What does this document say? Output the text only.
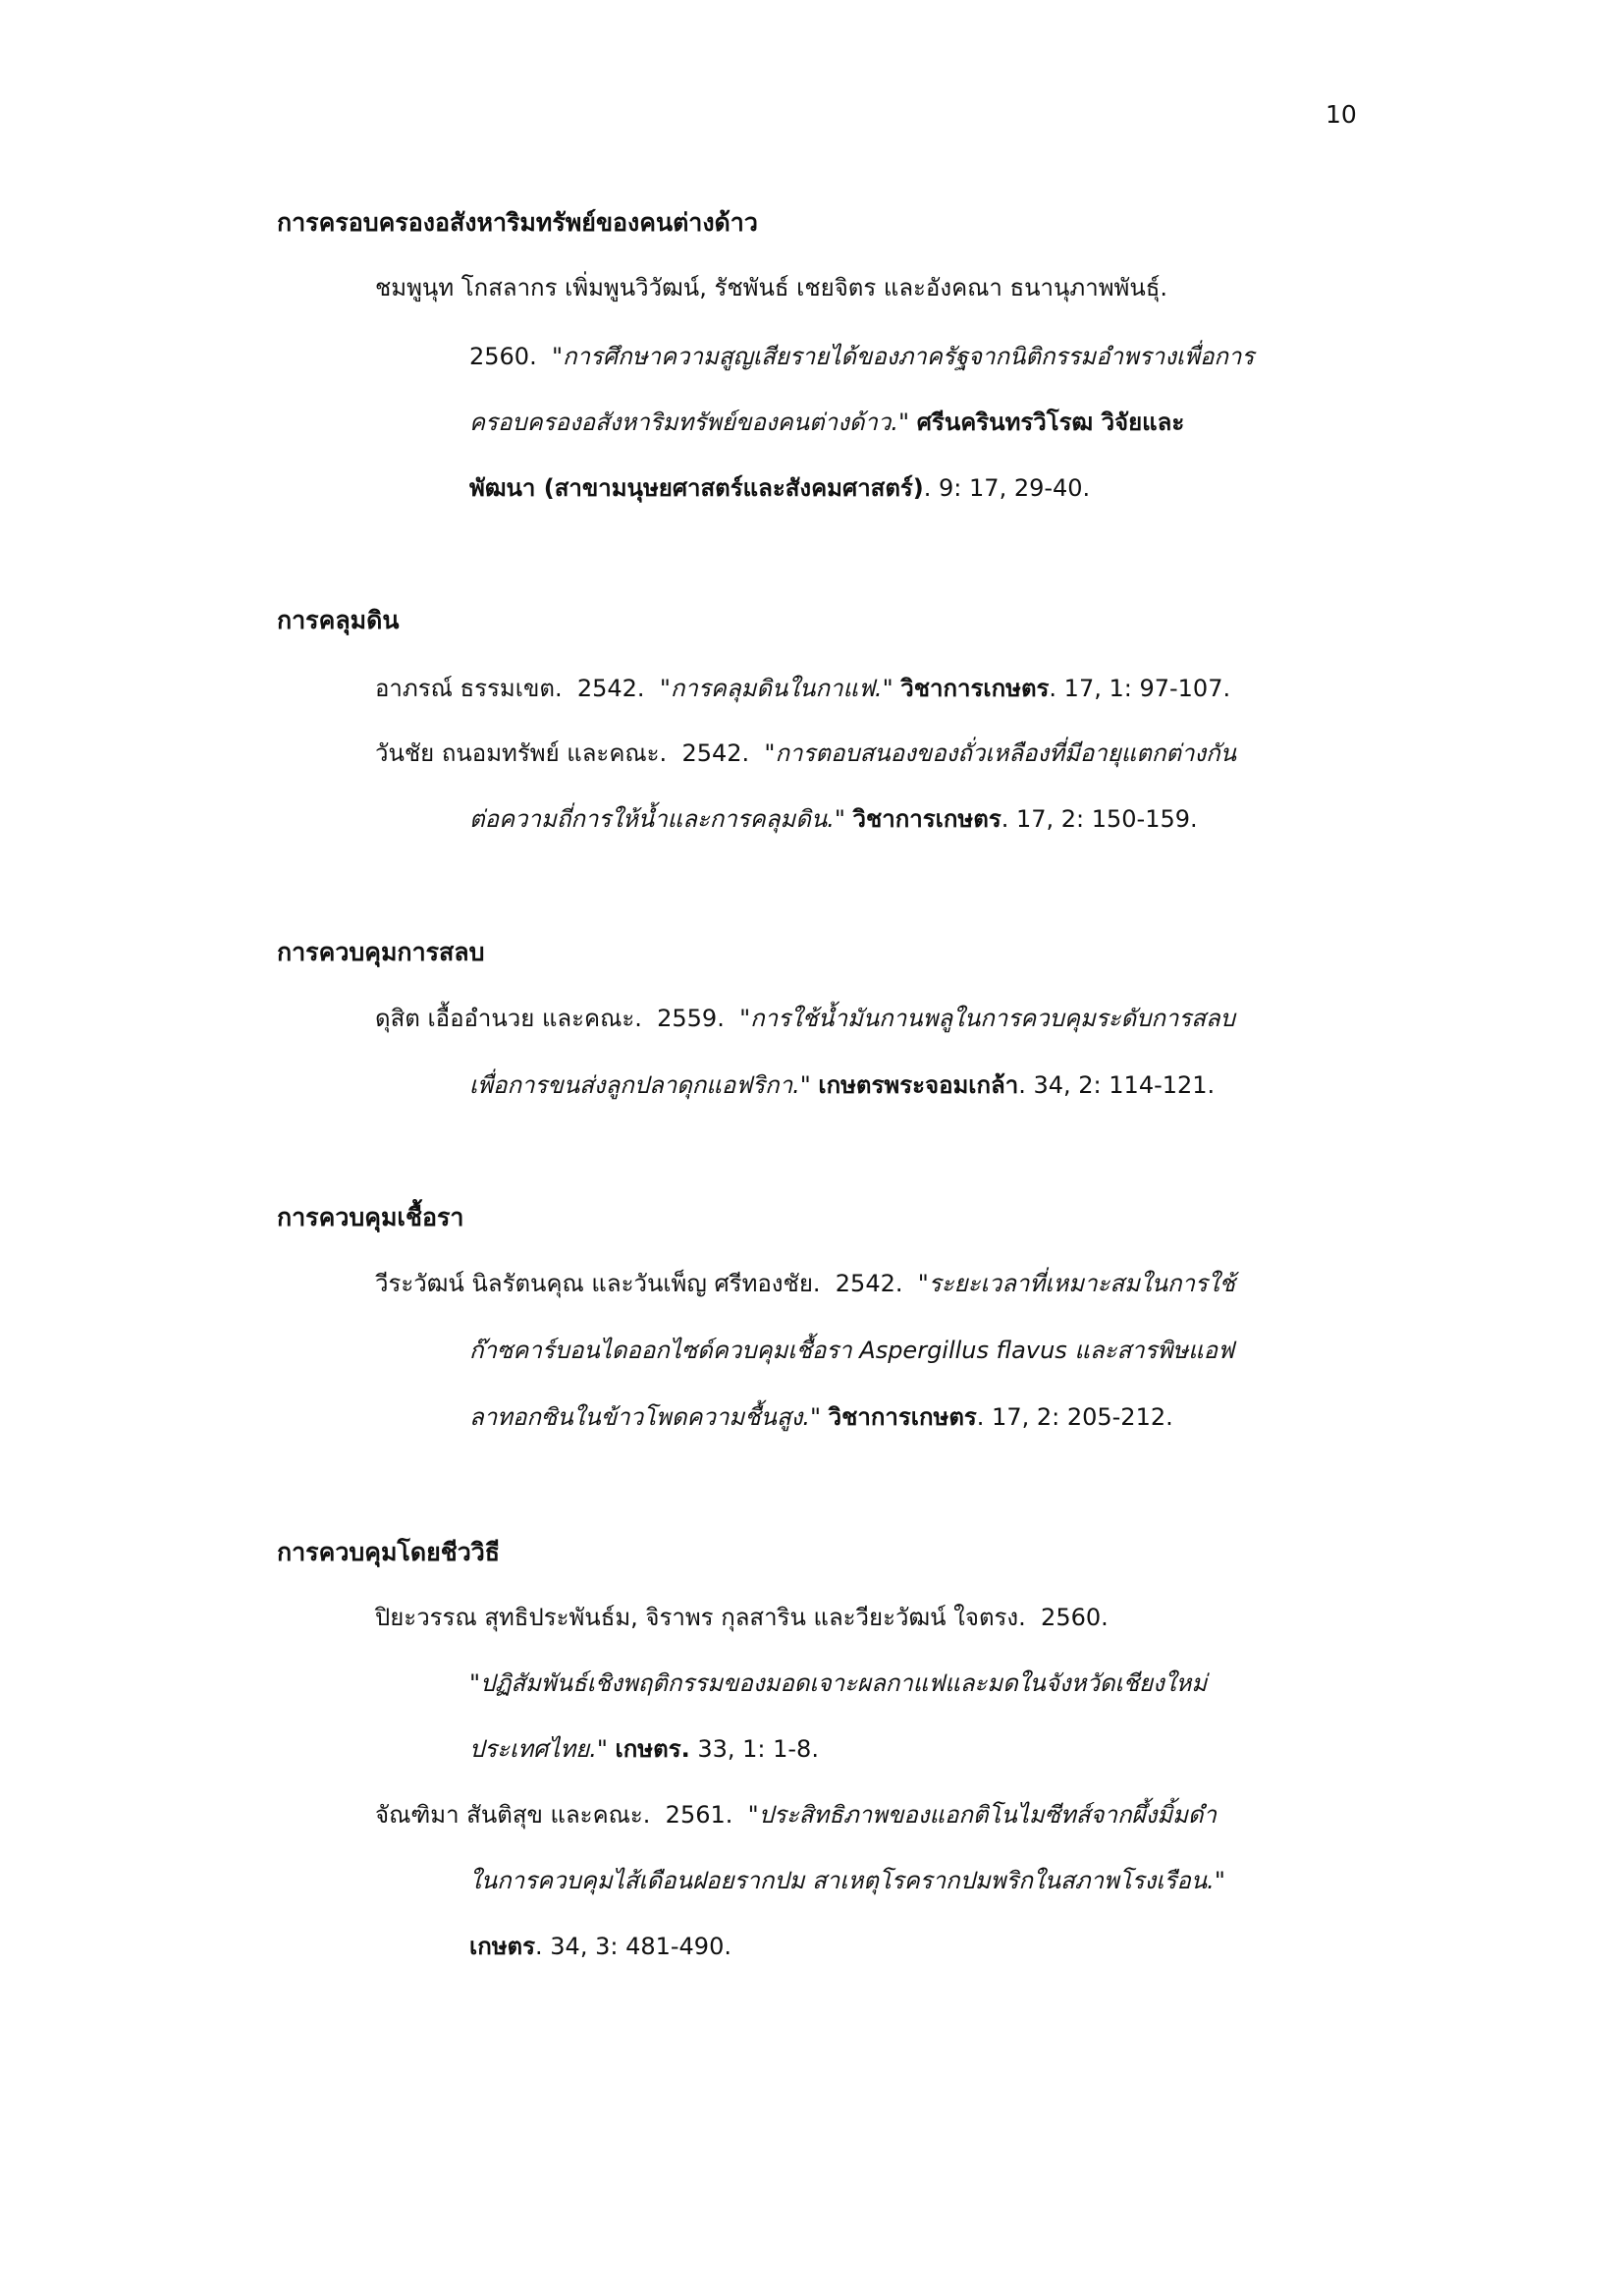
10
การครอบครองอสังหาริมทรัพย์ของคนต่างด้าว
ชมพูนุท โกสลากร เพิ่มพูนวิวัฒน์, รัชพันธ์ เชยจิตร และอังคณา ธนานุภาพพันธุ์.
2560. "การศึกษาความสูญเสียรายได้ของภาครัฐจากนิติกรรมอำพรางเพื่อการ
ครอบครองอสังหาริมทรัพย์ของคนต่างด้าว." ศรีนครินทรวิโรฒ วิจัยและ
พัฒนา (สาขามนุษยศาสตร์และสังคมศาสตร์). 9: 17, 29-40.
การคลุมดิน
อาภรณ์ ธรรมเขต. 2542. "การคลุมดินในกาแฟ." วิชาการเกษตร. 17, 1: 97-107.
วันชัย ถนอมทรัพย์ และคณะ. 2542. "การตอบสนองของถั่วเหลืองที่มีอายุแตกต่างกัน
ต่อความถี่การให้น้ำและการคลุมดิน." วิชาการเกษตร. 17, 2: 150-159.
การควบคุมการสลบ
ดุสิต เอื้ออำนวย และคณะ. 2559. "การใช้น้ำมันกานพลูในการควบคุมระดับการสลบ
เพื่อการขนส่งลูกปลาดุกแอฟริกา." เกษตรพระจอมเกล้า. 34, 2: 114-121.
การควบคุมเชื้อรา
วีระวัฒน์ นิลรัตนคุณ และวันเพ็ญ ศรีทองชัย. 2542. "ระยะเวลาที่เหมาะสมในการใช้
ก๊าซคาร์บอนไดออกไซด์ควบคุมเชื้อรา Aspergillus flavus และสารพิษแอฟ
ลาทอกซินในข้าวโพดความชื้นสูง." วิชาการเกษตร. 17, 2: 205-212.
การควบคุมโดยชีววิธี
ปิยะวรรณ สุทธิประพันธ์ม, จิราพร กุลสาริน และวียะวัฒน์ ใจตรง. 2560.
"ปฏิสัมพันธ์เชิงพฤติกรรมของมอดเจาะผลกาแฟและมดในจังหวัดเชียงใหม่
ประเทศไทย." เกษตร. 33, 1: 1-8.
จัณฑิมา สันติสุข และคณะ. 2561. "ประสิทธิภาพของแอกติโนไมซีทส์จากผึ้งมิ้มดำ
ในการควบคุมไส้เดือนฝอยรากปม สาเหตุโรครากปมพริกในสภาพโรงเรือน."
เกษตร. 34, 3: 481-490.
